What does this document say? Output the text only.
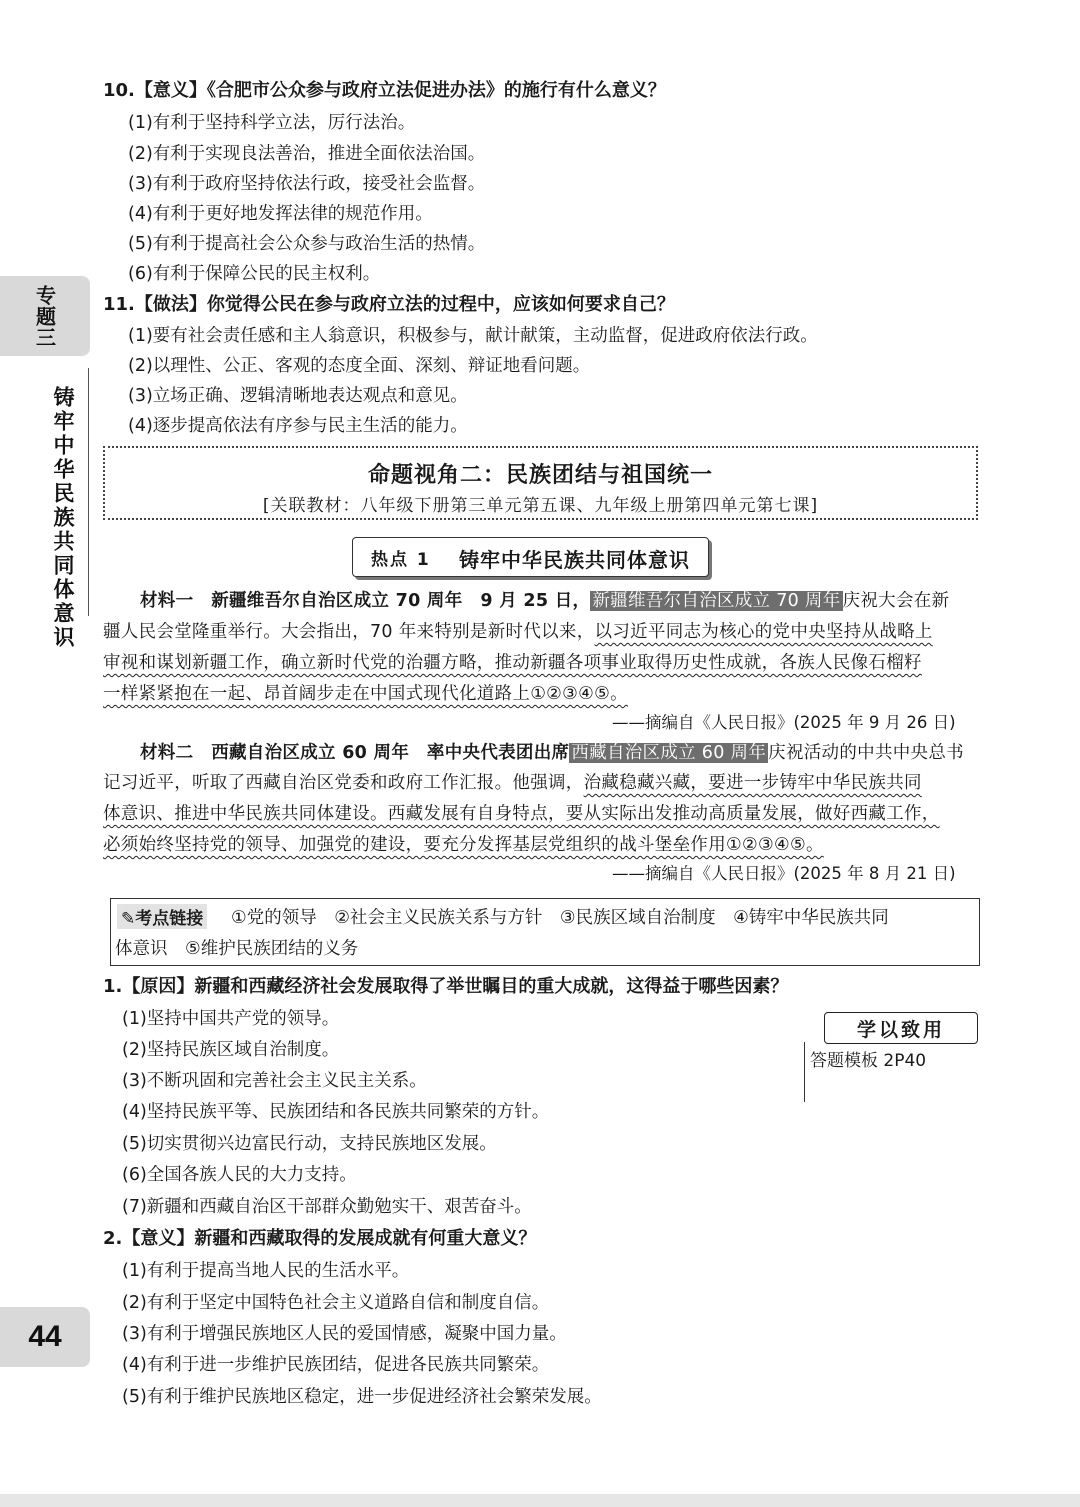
专题三
铸牢中华民族共同体意识
44
10.【意义】《合肥市公众参与政府立法促进办法》的施行有什么意义？
(1)有利于坚持科学立法，厉行法治。
(2)有利于实现良法善治，推进全面依法治国。
(3)有利于政府坚持依法行政，接受社会监督。
(4)有利于更好地发挥法律的规范作用。
(5)有利于提高社会公众参与政治生活的热情。
(6)有利于保障公民的民主权利。
11.【做法】你觉得公民在参与政府立法的过程中，应该如何要求自己？
(1)要有社会责任感和主人翁意识，积极参与，献计献策，主动监督，促进政府依法行政。
(2)以理性、公正、客观的态度全面、深刻、辩证地看问题。
(3)立场正确、逻辑清晰地表达观点和意见。
(4)逐步提高依法有序参与民主生活的能力。
命题视角二：民族团结与祖国统一
[关联教材：八年级下册第三单元第五课、九年级上册第四单元第七课]
热点 1 铸牢中华民族共同体意识
材料一　新疆维吾尔自治区成立 70 周年　9 月 25 日， 新疆维吾尔自治区成立 70 周年 庆祝大会在新
疆人民会堂隆重举行。大会指出，70 年来特别是新时代以来，以习近平同志为核心的党中央坚持从战略上
审视和谋划新疆工作，确立新时代党的治疆方略，推动新疆各项事业取得历史性成就，各族人民像石榴籽
一样紧紧抱在一起、昂首阔步走在中国式现代化道路上①②③④⑤。
——摘编自《人民日报》(2025 年 9 月 26 日)
材料二　西藏自治区成立 60 周年　率中央代表团出席 西藏自治区成立 60 周年 庆祝活动的中共中央总书
记习近平，听取了西藏自治区党委和政府工作汇报。他强调，治藏稳藏兴藏，要进一步铸牢中华民族共同
体意识、推进中华民族共同体建设。西藏发展有自身特点，要从实际出发推动高质量发展，做好西藏工作，
必须始终坚持党的领导、加强党的建设，要充分发挥基层党组织的战斗堡垒作用①②③④⑤。
——摘编自《人民日报》(2025 年 8 月 21 日)
✎考点链接 ①党的领导　②社会主义民族关系与方针　③民族区域自治制度　④铸牢中华民族共同
体意识　⑤维护民族团结的义务
1.【原因】新疆和西藏经济社会发展取得了举世瞩目的重大成就，这得益于哪些因素？
(1)坚持中国共产党的领导。
(2)坚持民族区域自治制度。
(3)不断巩固和完善社会主义民主关系。
(4)坚持民族平等、民族团结和各民族共同繁荣的方针。
(5)切实贯彻兴边富民行动，支持民族地区发展。
(6)全国各族人民的大力支持。
(7)新疆和西藏自治区干部群众勤勉实干、艰苦奋斗。
学以致用
答题模板 2P40
2.【意义】新疆和西藏取得的发展成就有何重大意义？
(1)有利于提高当地人民的生活水平。
(2)有利于坚定中国特色社会主义道路自信和制度自信。
(3)有利于增强民族地区人民的爱国情感，凝聚中国力量。
(4)有利于进一步维护民族团结，促进各民族共同繁荣。
(5)有利于维护民族地区稳定，进一步促进经济社会繁荣发展。
